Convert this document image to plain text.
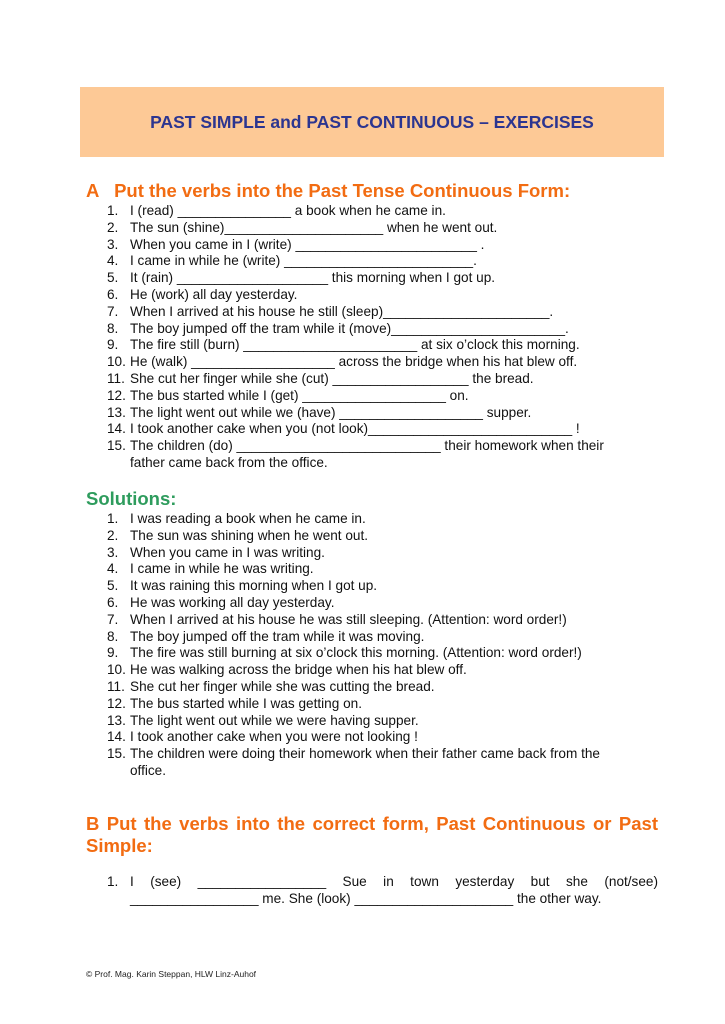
PAST SIMPLE and PAST CONTINUOUS – EXERCISES
A   Put the verbs into the Past Tense Continuous Form:
1. I (read) _______________ a book when he came in.
2. The sun (shine)_____________________ when he went out.
3. When you came in I (write) ________________________ .
4. I came in while he (write) _________________________.
5. It (rain) ____________________ this morning when I got up.
6. He (work) all day yesterday.
7. When I arrived at his house he still (sleep)______________________.
8. The boy jumped off the tram while it (move)_______________________.
9. The fire still (burn) _______________________ at six o’clock this morning.
10. He (walk) ___________________ across the bridge when his hat blew off.
11. She cut her finger while she (cut) __________________ the bread.
12. The bus started while I (get) ___________________ on.
13. The light went out while we (have) ___________________ supper.
14. I took another cake when you (not look)___________________________ !
15. The children (do) ___________________________ their homework when their father came back from the office.
Solutions:
1. I was reading a book when he came in.
2. The sun was shining when he went out.
3. When you came in I was writing.
4. I came in while he was writing.
5. It was raining this morning when I got up.
6. He was working all day yesterday.
7. When I arrived at his house he was still sleeping. (Attention: word order!)
8. The boy jumped off the tram while it was moving.
9. The fire was still burning at six o’clock this morning. (Attention: word order!)
10. He was walking across the bridge when his hat blew off.
11. She cut her finger while she was cutting the bread.
12. The bus started while I was getting on.
13. The light went out while we were having supper.
14. I took another cake when you were not looking !
15. The children were doing their homework when their father came back from the office.
B Put the verbs into the correct form, Past Continuous or Past Simple:
1. I (see) _________________ Sue in town yesterday but she (not/see) _________________ me. She (look) _____________________ the other way.
© Prof. Mag. Karin Steppan, HLW Linz-Auhof
